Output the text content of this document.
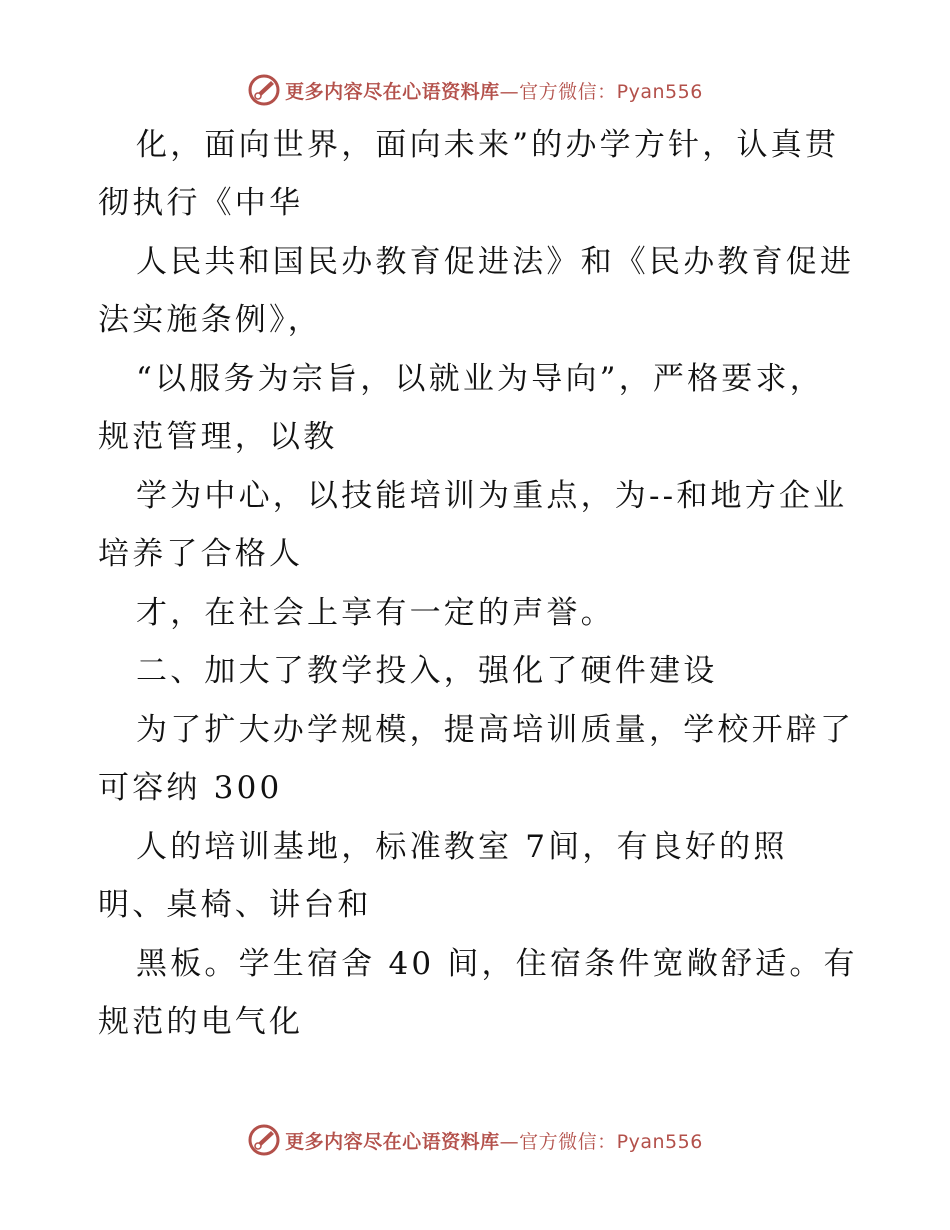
更多内容尽在心语资料库 —官方微信：Pyan556
化，面向世界，面向未来”的办学方针，认真贯
彻执行《中华
人民共和国民办教育促进法》和《民办教育促进
法实施条例》，
“以服务为宗旨，以就业为导向”，严格要求，
规范管理，以教
学为中心，以技能培训为重点，为--和地方企业
培养了合格人
才，在社会上享有一定的声誉。
二、加大了教学投入，强化了硬件建设
为了扩大办学规模，提高培训质量，学校开辟了
可容纳 300
人的培训基地，标准教室 7间，有良好的照
明、桌椅、讲台和
黑板。学生宿舍 40 间，住宿条件宽敞舒适。有
规范的电气化
更多内容尽在心语资料库 —官方微信：Pyan556
